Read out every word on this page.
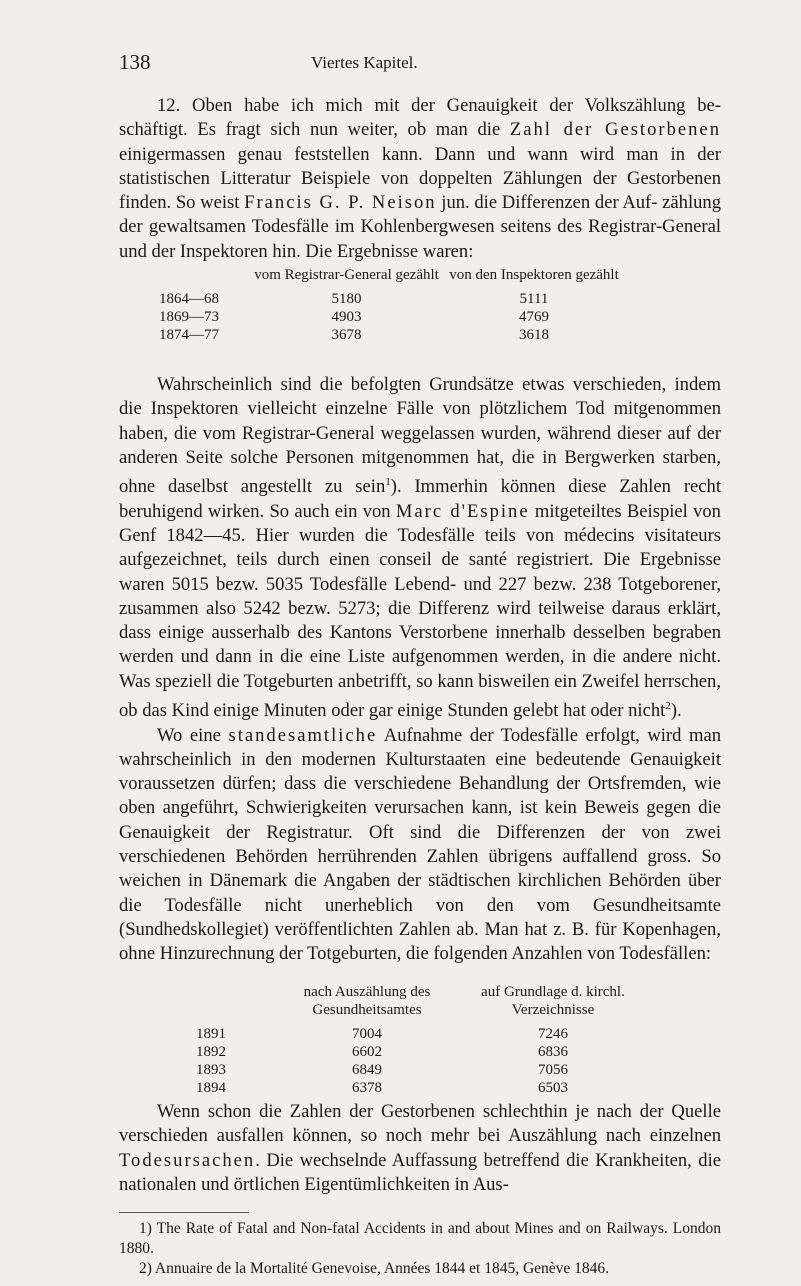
138	Viertes Kapitel.

12. Oben habe ich mich mit der Genauigkeit der Volkszählung be- schäftigt. Es fragt sich nun weiter, ob man die Zahl der Gestorbenen einigermassen genau feststellen kann. Dann und wann wird man in der statistischen Litteratur Beispiele von doppelten Zählungen der Gestorbenen finden. So weist Francis G. P. Neison jun. die Differenzen der Auf- zählung der gewaltsamen Todesfälle im Kohlenbergwesen seitens des Registrar-General und der Inspektoren hin. Die Ergebnisse waren:

	vom Registrar-General gezählt	von den Inspektoren gezählt
1864—68	5180	5111
1869—73	4903	4769
1874—77	3678	3618

Wahrscheinlich sind die befolgten Grundsätze etwas verschieden, indem die Inspektoren vielleicht einzelne Fälle von plötzlichem Tod mitgenommen haben, die vom Registrar-General weggelassen wurden, während dieser auf der anderen Seite solche Personen mitgenommen hat, die in Bergwerken starben, ohne daselbst angestellt zu sein$^1$). Immerhin können diese Zahlen recht beruhigend wirken. So auch ein von Marc d'Espine mitgeteiltes Beispiel von Genf 1842—45. Hier wurden die Todesfälle teils von médecins visitateurs aufgezeichnet, teils durch einen conseil de santé registriert. Die Ergebnisse waren 5015 bezw. 5035 Todesfälle Lebend- und 227 bezw. 238 Totgeborener, zusammen also 5242 bezw. 5273; die Differenz wird teilweise daraus erklärt, dass einige ausserhalb des Kantons Verstorbene innerhalb desselben begraben werden und dann in die eine Liste aufgenommen werden, in die andere nicht. Was speziell die Totgeburten anbetrifft, so kann bisweilen ein Zweifel herrschen, ob das Kind einige Minuten oder gar einige Stunden gelebt hat oder nicht$^2$).
Wo eine standesamtliche Aufnahme der Todesfälle erfolgt, wird man wahrscheinlich in den modernen Kulturstaaten eine bedeutende Genauigkeit voraussetzen dürfen; dass die verschiedene Behandlung der Ortsfremden, wie oben angeführt, Schwierigkeiten verursachen kann, ist kein Beweis gegen die Genauigkeit der Registratur. Oft sind die Differenzen der von zwei verschiedenen Behörden herrührenden Zahlen übrigens auffallend gross. So weichen in Dänemark die Angaben der städtischen kirchlichen Behörden über die Todesfälle nicht unerheblich von den vom Gesundheitsamte (Sundhedskollegiet) veröffentlichten Zahlen ab. Man hat z. B. für Kopenhagen, ohne Hinzurechnung der Totgeburten, die folgenden Anzahlen von Todesfällen:

	nach Auszählung des Gesundheitsamtes	auf Grundlage d. kirchl. Verzeichnisse
1891	7004	7246
1892	6602	6836
1893	6849	7056
1894	6378	6503

Wenn schon die Zahlen der Gestorbenen schlechthin je nach der Quelle verschieden ausfallen können, so noch mehr bei Auszählung nach einzelnen Todesursachen. Die wechselnde Auffassung betreffend die Krankheiten, die nationalen und örtlichen Eigentümlichkeiten in Aus-

1) The Rate of Fatal and Non-fatal Accidents in and about Mines and on Railways. London 1880.

2) Annuaire de la Mortalité Genevoise, Années 1844 et 1845, Genève 1846.
